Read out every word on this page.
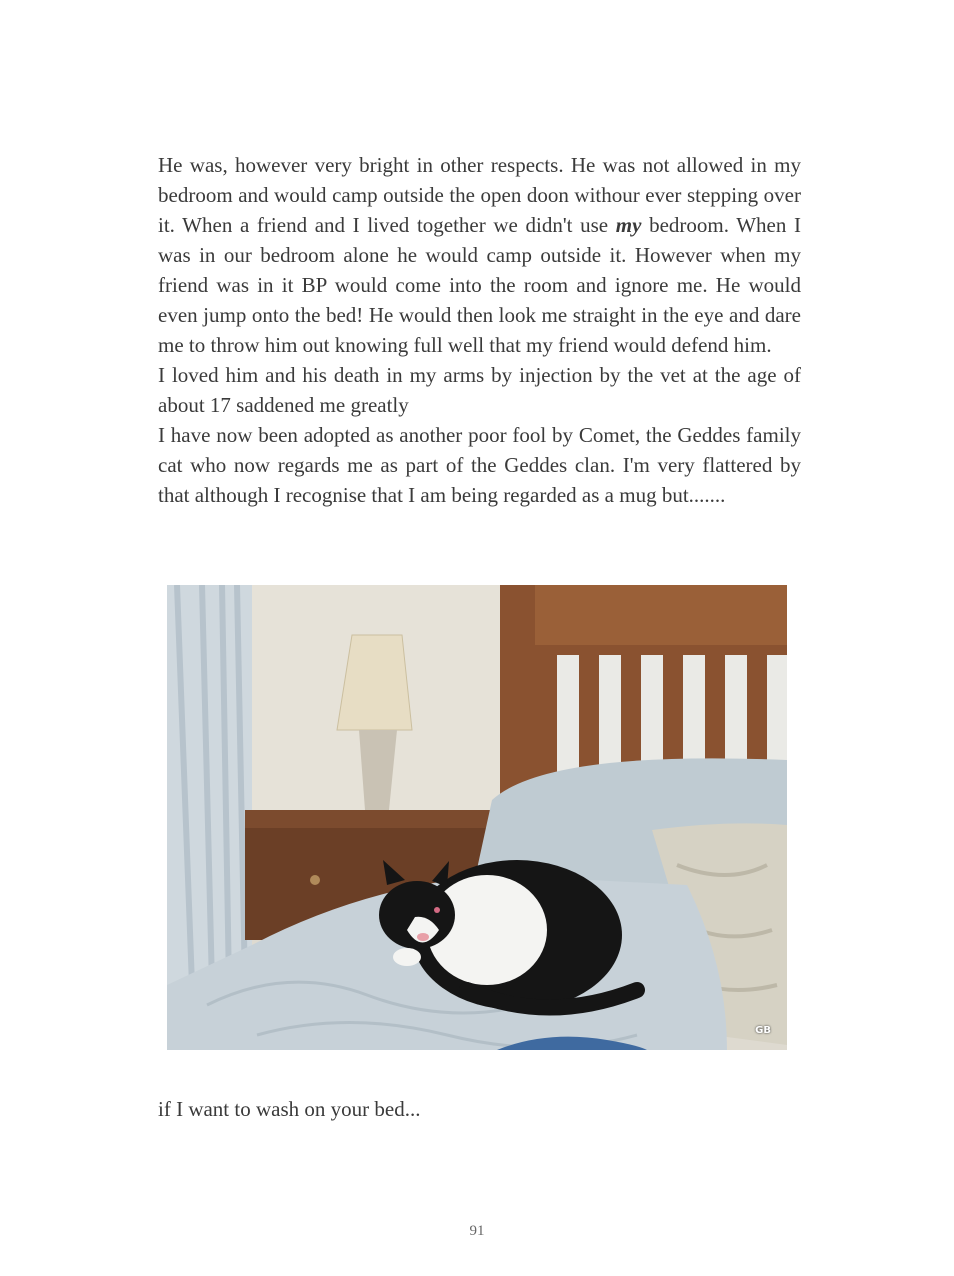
He was, however very bright in other respects. He was not allowed in my bedroom and would camp outside the open doon withour ever stepping over it. When a friend and I lived together we didn't use my bedroom. When I was in our bedroom alone he would camp outside it. However when my friend was in it BP would come into the room and ignore me. He would even jump onto the bed! He would then look me straight in the eye and dare me to throw him out knowing full well that my friend would defend him.

I loved him and his death in my arms by injection by the vet at the age of about 17 saddened me greatly

I have now been adopted as another poor fool by Comet, the Geddes family cat who now regards me as part of the Geddes clan. I'm very flattered by that although I recognise that I am being regarded as a mug but.......

GB
if I want to wash on your bed...
91
